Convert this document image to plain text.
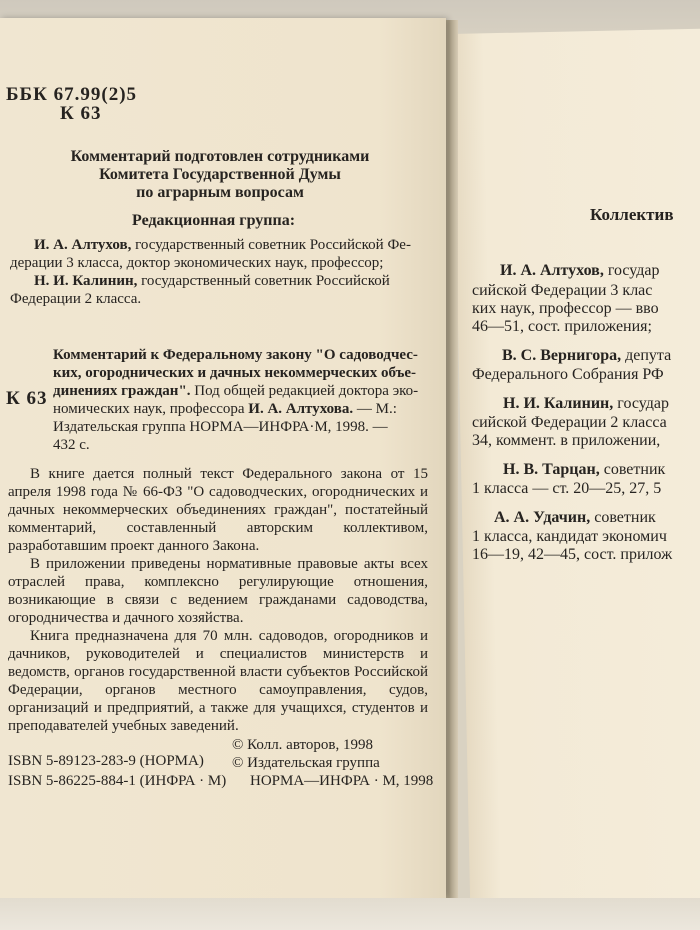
ББК 67.99(2)5
К 63
Комментарий подготовлен сотрудниками
Комитета Государственной Думы
по аграрным вопросам
Редакционная группа:
И. А. Алтухов, государственный советник Российской Фе-
дерации 3 класса, доктор экономических наук, профессор;
Н. И. Калинин, государственный советник Российской
Федерации 2 класса.
К 63
Комментарий к Федеральному закону "О садоводчес-
ких, огороднических и дачных некоммерческих объе-
динениях граждан". Под общей редакцией доктора эко-
номических наук, профессора И. А. Алтухова. — М.:
Издательская группа НОРМА—ИНФРА·М, 1998. —
432 с.

В книге дается полный текст Федерального закона от 15 апреля 1998 года № 66-ФЗ "О садоводческих, огороднических и дачных некоммерческих объединениях граждан", постатейный комментарий, составленный авторским коллективом, разработавшим проект данного Закона.

В приложении приведены нормативные правовые акты всех отраслей права, комплексно регулирующие отношения, возникающие в связи с ведением гражданами садоводства, огородничества и дачного хозяйства.

Книга предназначена для 70 млн. садоводов, огородников и дачников, руководителей и специалистов министерств и ведомств, органов государственной власти субъектов Российской Федерации, органов местного самоуправления, судов, организаций и предприятий, а также для учащихся, студентов и преподавателей учебных заведений.

ISBN 5-89123-283-9 (НОРМА)
ISBN 5-86225-884-1 (ИНФРА · М)
© Колл. авторов, 1998
© Издательская группа
НОРМА—ИНФРА · М, 1998
Коллектив
И. А. Алтухов, государ
сийской Федерации 3 клас
ких наук, профессор — вво
46—51, сост. приложения;
В. С. Вернигора, депута
Федерального Собрания РФ
Н. И. Калинин, государ
сийской Федерации 2 класса
34, коммент. в приложении,
Н. В. Тарцан, советник
1 класса — ст. 20—25, 27, 5
А. А. Удачин, советник
1 класса, кандидат экономич
16—19, 42—45, сост. прилож
